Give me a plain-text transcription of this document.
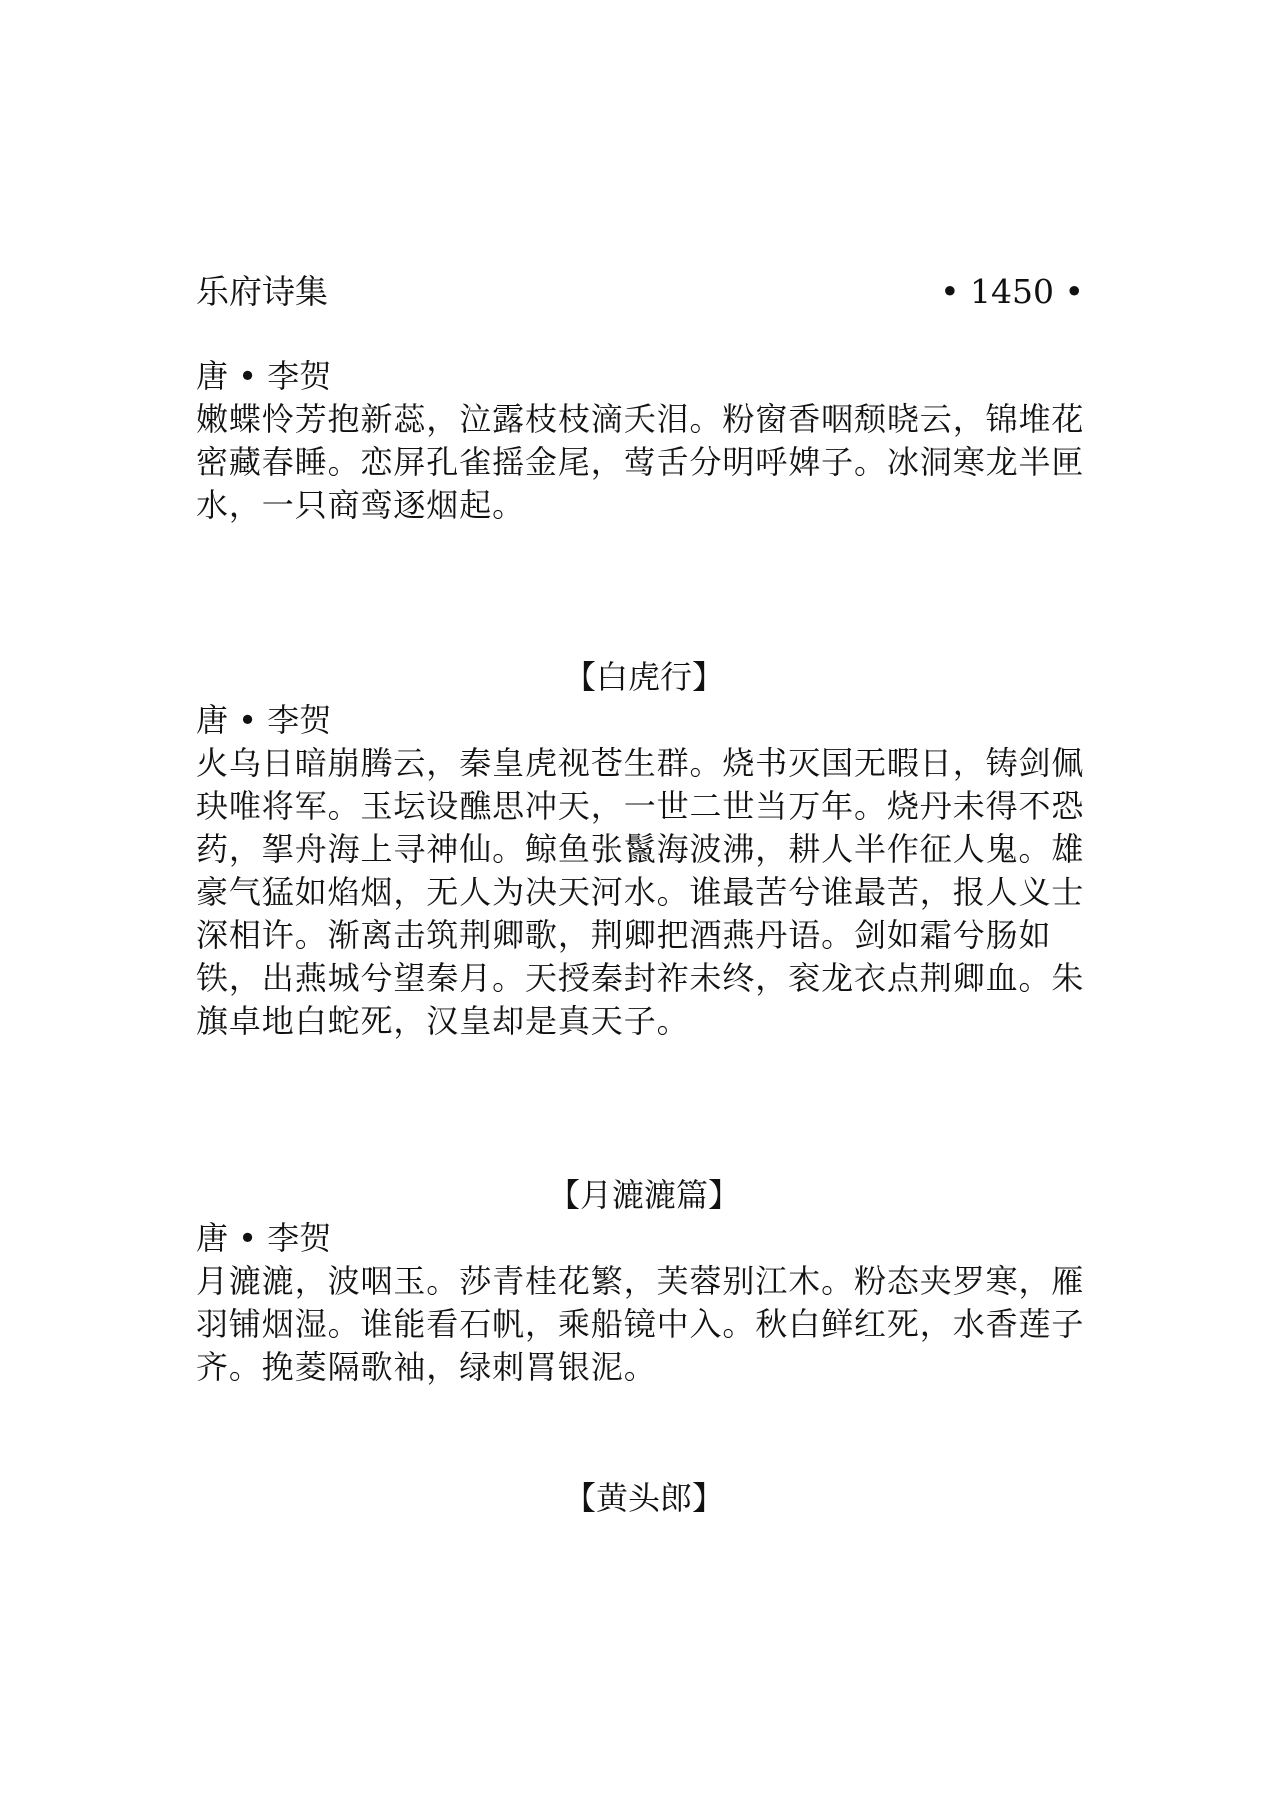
乐府诗集	• 1450 •

唐 • 李贺

嫩蝶怜芳抱新蕊，泣露枝枝滴夭泪。粉窗香咽颓晓云，锦堆花密藏春睡。恋屏孔雀摇金尾，莺舌分明呼婢子。冰洞寒龙半匣水，一只商鸾逐烟起。

【白虎行】

唐 • 李贺

火乌日暗崩腾云，秦皇虎视苍生群。烧书灭国无暇日，铸剑佩玦唯将军。玉坛设醮思冲天，一世二世当万年。烧丹未得不恐药，挐舟海上寻神仙。鲸鱼张鬣海波沸，耕人半作征人鬼。雄豪气猛如焰烟，无人为决天河水。谁最苦兮谁最苦，报人义士深相许。渐离击筑荆卿歌，荆卿把酒燕丹语。剑如霜兮肠如铁，出燕城兮望秦月。天授秦封祚未终，衮龙衣点荆卿血。朱旗卓地白蛇死，汉皇却是真天子。

【月漉漉篇】

唐 • 李贺

月漉漉，波咽玉。莎青桂花繁，芙蓉别江木。粉态夹罗寒，雁羽铺烟湿。谁能看石帆，乘船镜中入。秋白鲜红死，水香莲子齐。挽菱隔歌袖，绿刺罥银泥。

【黄头郎】
